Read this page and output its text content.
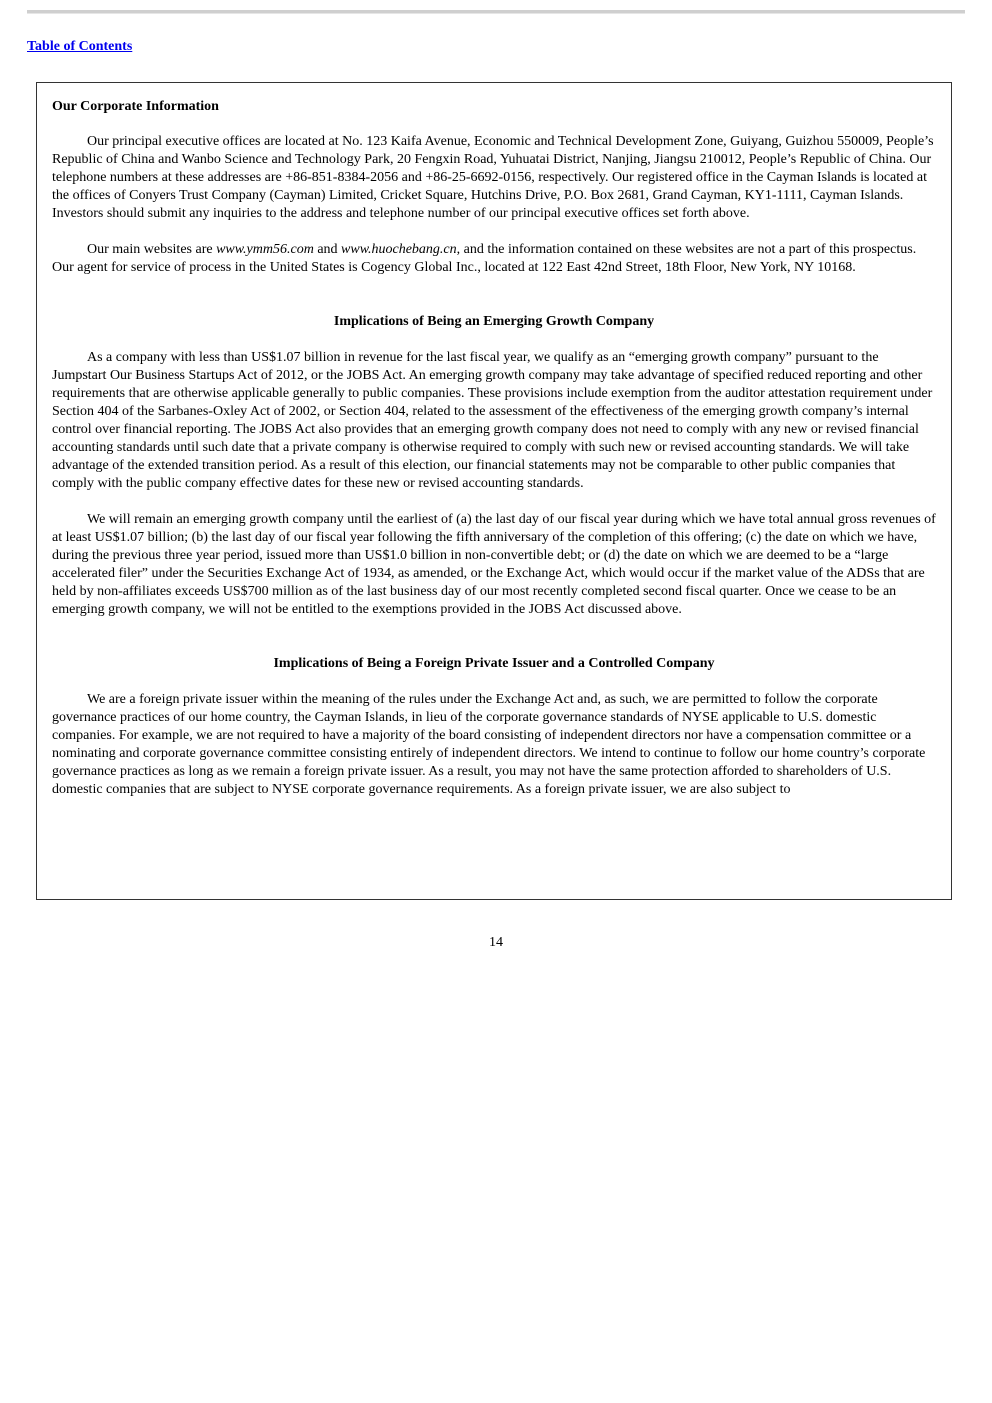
Table of Contents
Our Corporate Information

Our principal executive offices are located at No. 123 Kaifa Avenue, Economic and Technical Development Zone, Guiyang, Guizhou 550009, People’s Republic of China and Wanbo Science and Technology Park, 20 Fengxin Road, Yuhuatai District, Nanjing, Jiangsu 210012, People’s Republic of China. Our telephone numbers at these addresses are +86-851-8384-2056 and +86-25-6692-0156, respectively. Our registered office in the Cayman Islands is located at the offices of Conyers Trust Company (Cayman) Limited, Cricket Square, Hutchins Drive, P.O. Box 2681, Grand Cayman, KY1-1111, Cayman Islands. Investors should submit any inquiries to the address and telephone number of our principal executive offices set forth above.

Our main websites are www.ymm56.com and www.huochebang.cn, and the information contained on these websites are not a part of this prospectus. Our agent for service of process in the United States is Cogency Global Inc., located at 122 East 42nd Street, 18th Floor, New York, NY 10168.

Implications of Being an Emerging Growth Company

As a company with less than US$1.07 billion in revenue for the last fiscal year, we qualify as an “emerging growth company” pursuant to the Jumpstart Our Business Startups Act of 2012, or the JOBS Act. An emerging growth company may take advantage of specified reduced reporting and other requirements that are otherwise applicable generally to public companies. These provisions include exemption from the auditor attestation requirement under Section 404 of the Sarbanes-Oxley Act of 2002, or Section 404, related to the assessment of the effectiveness of the emerging growth company’s internal control over financial reporting. The JOBS Act also provides that an emerging growth company does not need to comply with any new or revised financial accounting standards until such date that a private company is otherwise required to comply with such new or revised accounting standards. We will take advantage of the extended transition period. As a result of this election, our financial statements may not be comparable to other public companies that comply with the public company effective dates for these new or revised accounting standards.

We will remain an emerging growth company until the earliest of (a) the last day of our fiscal year during which we have total annual gross revenues of at least US$1.07 billion; (b) the last day of our fiscal year following the fifth anniversary of the completion of this offering; (c) the date on which we have, during the previous three year period, issued more than US$1.0 billion in non-convertible debt; or (d) the date on which we are deemed to be a “large accelerated filer” under the Securities Exchange Act of 1934, as amended, or the Exchange Act, which would occur if the market value of the ADSs that are held by non-affiliates exceeds US$700 million as of the last business day of our most recently completed second fiscal quarter. Once we cease to be an emerging growth company, we will not be entitled to the exemptions provided in the JOBS Act discussed above.

Implications of Being a Foreign Private Issuer and a Controlled Company

We are a foreign private issuer within the meaning of the rules under the Exchange Act and, as such, we are permitted to follow the corporate governance practices of our home country, the Cayman Islands, in lieu of the corporate governance standards of NYSE applicable to U.S. domestic companies. For example, we are not required to have a majority of the board consisting of independent directors nor have a compensation committee or a nominating and corporate governance committee consisting entirely of independent directors. We intend to continue to follow our home country’s corporate governance practices as long as we remain a foreign private issuer. As a result, you may not have the same protection afforded to shareholders of U.S. domestic companies that are subject to NYSE corporate governance requirements. As a foreign private issuer, we are also subject to

14
